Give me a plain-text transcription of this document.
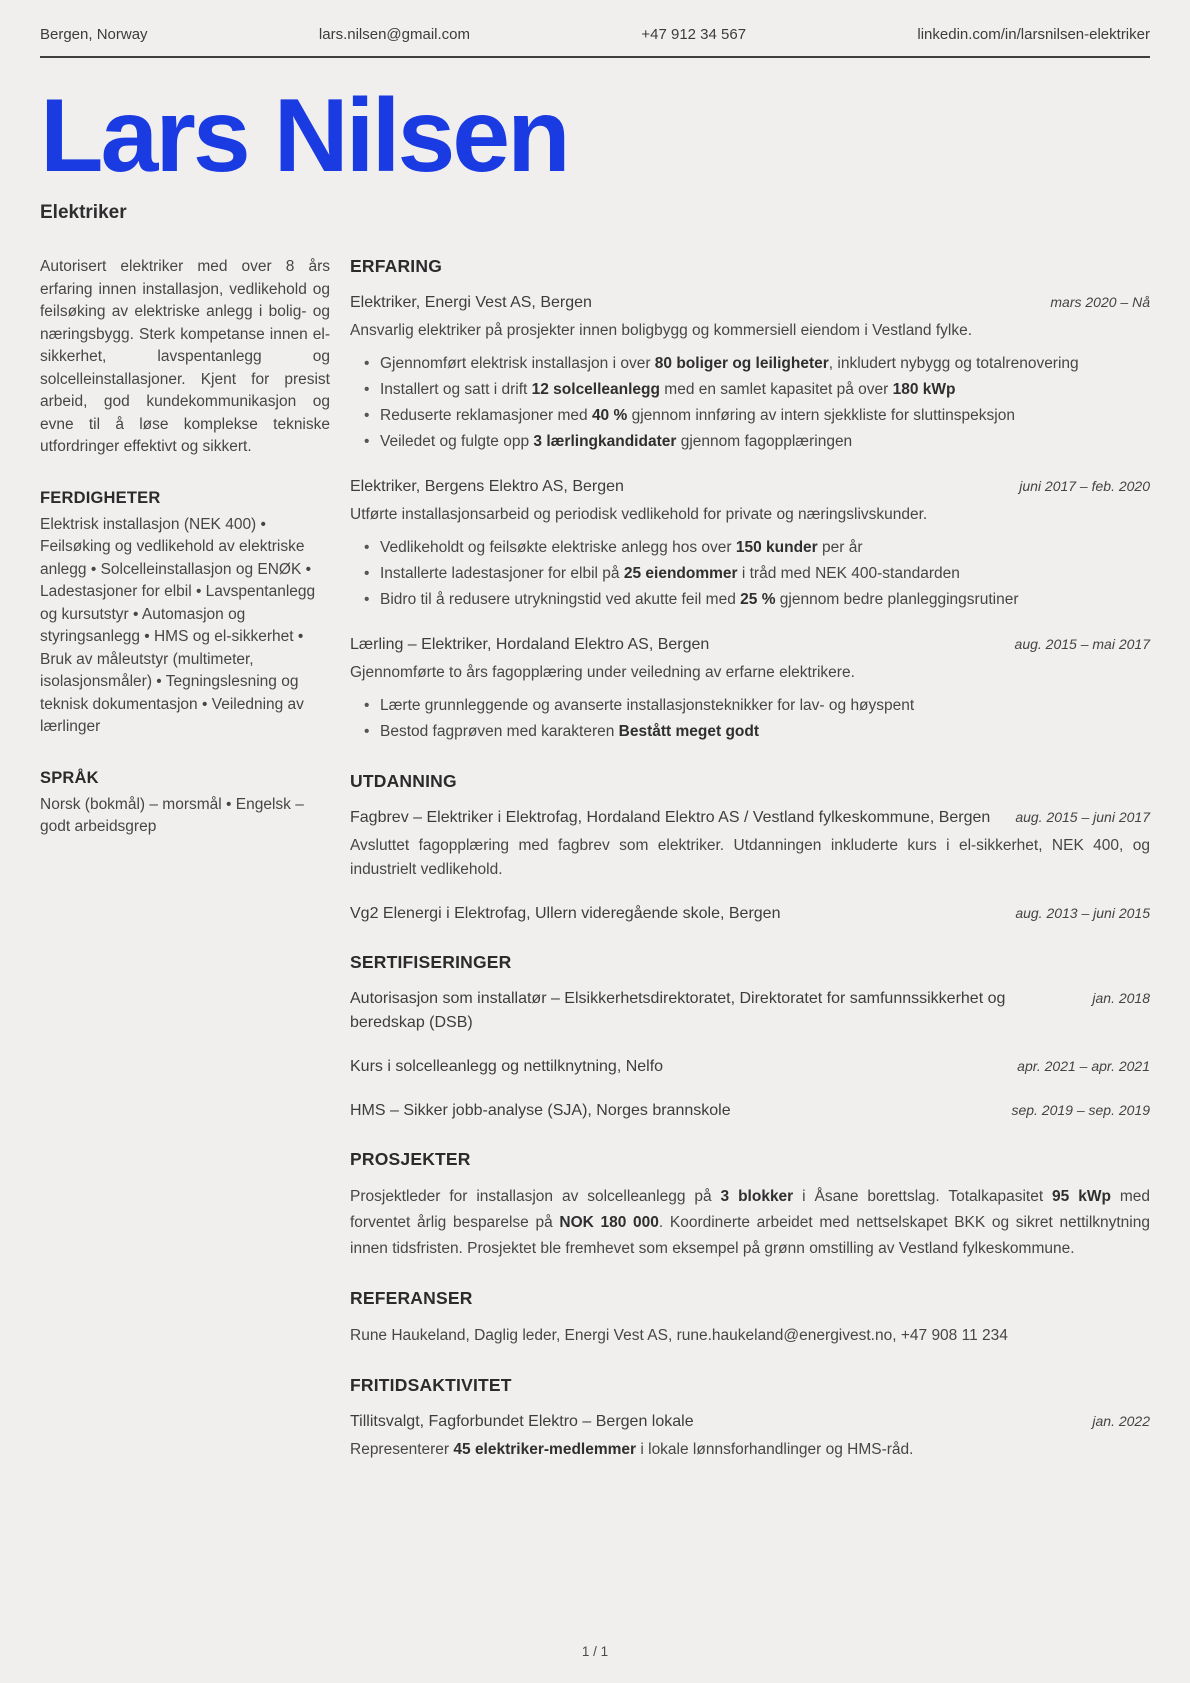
Bergen, Norway	lars.nilsen@gmail.com	+47 912 34 567	linkedin.com/in/larsnilsen-elektriker
Lars Nilsen
Elektriker

Autorisert elektriker med over 8 års erfaring innen installasjon, vedlikehold og feilsøking av elektriske anlegg i bolig- og næringsbygg. Sterk kompetanse innen el-sikkerhet, lavspentanlegg og solcelleinstallasjoner. Kjent for presist arbeid, god kundekommunikasjon og evne til å løse komplekse tekniske utfordringer effektivt og sikkert.

FERDIGHETER

Elektrisk installasjon (NEK 400) • Feilsøking og vedlikehold av elektriske anlegg • Solcelleinstallasjon og ENØK • Ladestasjoner for elbil • Lavspentanlegg og kursutstyr • Automasjon og styringsanlegg • HMS og el-sikkerhet • Bruk av måleutstyr (multimeter, isolasjonsmåler) • Tegningslesning og teknisk dokumentasjon • Veiledning av lærlinger

SPRÅK

Norsk (bokmål) – morsmål • Engelsk – godt arbeidsgrep

ERFARING
Elektriker, Energi Vest AS, Bergen	mars 2020 – Nå

Ansvarlig elektriker på prosjekter innen boligbygg og kommersiell eiendom i Vestland fylke.

• Gjennomført elektrisk installasjon i over 80 boliger og leiligheter, inkludert nybygg og totalrenovering
• Installert og satt i drift 12 solcelleanlegg med en samlet kapasitet på over 180 kWp
• Reduserte reklamasjoner med 40 % gjennom innføring av intern sjekkliste for sluttinspeksjon
• Veiledet og fulgte opp 3 lærlingkandidater gjennom fagopplæringen
Elektriker, Bergens Elektro AS, Bergen	juni 2017 – feb. 2020

Utførte installasjonsarbeid og periodisk vedlikehold for private og næringslivskunder.

• Vedlikeholdt og feilsøkte elektriske anlegg hos over 150 kunder per år
• Installerte ladestasjoner for elbil på 25 eiendommer i tråd med NEK 400-standarden
• Bidro til å redusere utrykningstid ved akutte feil med 25 % gjennom bedre planleggingsrutiner
Lærling – Elektriker, Hordaland Elektro AS, Bergen	aug. 2015 – mai 2017

Gjennomførte to års fagopplæring under veiledning av erfarne elektrikere.

• Lærte grunnleggende og avanserte installasjonsteknikker for lav- og høyspent
• Bestod fagprøven med karakteren Bestått meget godt
UTDANNING
Fagbrev – Elektriker i Elektrofag, Hordaland Elektro AS / Vestland fylkeskommune, Bergen aug. 2015 – juni 2017

Avsluttet fagopplæring med fagbrev som elektriker. Utdanningen inkluderte kurs i el-sikkerhet, NEK 400, og industrielt vedlikehold.

Vg2 Elenergi i Elektrofag, Ullern videregående skole, Bergen	aug. 2013 – juni 2015
SERTIFISERINGER
Autorisasjon som installatør – Elsikkerhetsdirektoratet, Direktoratet for samfunnssikkerhet og beredskap (DSB)
jan. 2018
Kurs i solcelleanlegg og nettilknytning, Nelfo	apr. 2021 – apr. 2021
HMS – Sikker jobb-analyse (SJA), Norges brannskole	sep. 2019 – sep. 2019
PROSJEKTER

Prosjektleder for installasjon av solcelleanlegg på 3 blokker i Åsane borettslag. Totalkapasitet 95 kWp med forventet årlig besparelse på NOK 180 000. Koordinerte arbeidet med nettselskapet BKK og sikret nettilknytning innen tidsfristen. Prosjektet ble fremhevet som eksempel på grønn omstilling av Vestland fylkeskommune.

REFERANSER

Rune Haukeland, Daglig leder, Energi Vest AS, rune.haukeland@energivest.no, +47 908 11 234

FRITIDSAKTIVITET
Tillitsvalgt, Fagforbundet Elektro – Bergen lokale	jan. 2022

Representerer 45 elektriker-medlemmer i lokale lønnsforhandlinger og HMS-råd.

1 / 1
